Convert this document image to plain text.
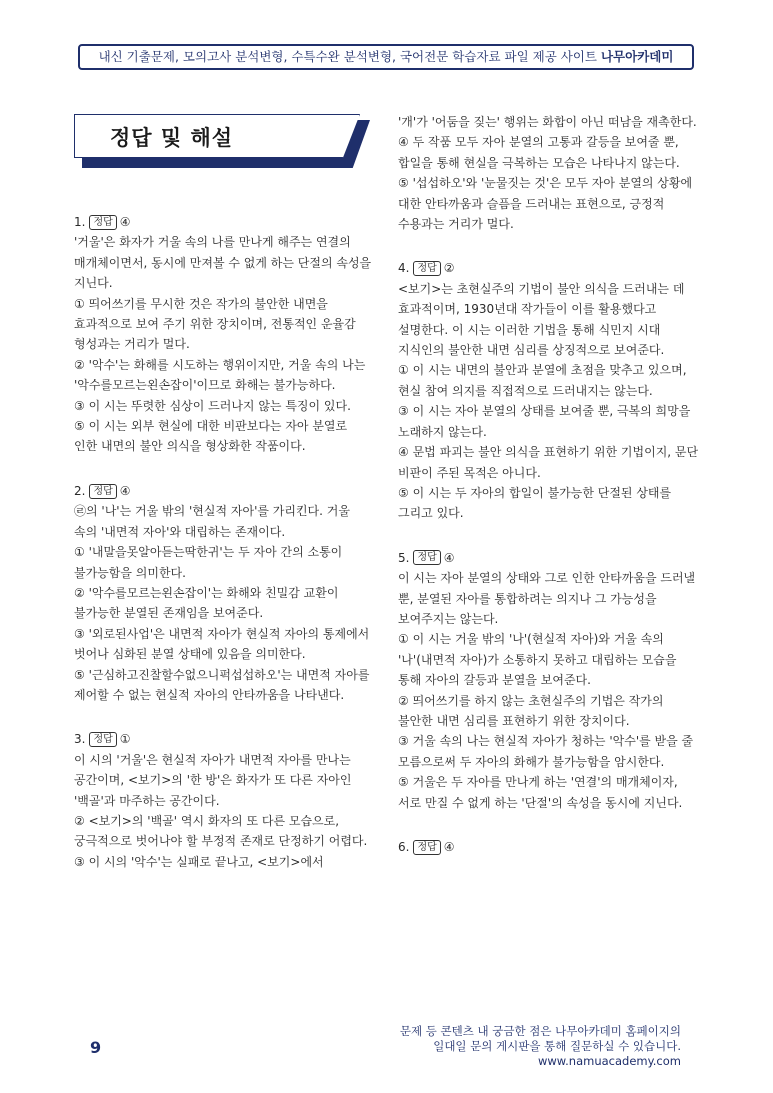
내신 기출문제, 모의고사 분석변형, 수특수완 분석변형, 국어전문 학습자료 파일 제공 사이트 나무아카데미
정답 및 해설
1. 정답 ④

'거울'은 화자가 거울 속의 나를 만나게 해주는 연결의 매개체이면서, 동시에 만져볼 수 없게 하는 단절의 속성을 지닌다.

① 띄어쓰기를 무시한 것은 작가의 불안한 내면을 효과적으로 보여 주기 위한 장치이며, 전통적인 운율감 형성과는 거리가 멀다.

② '악수'는 화해를 시도하는 행위이지만, 거울 속의 나는 '악수를모르는왼손잡이'이므로 화해는 불가능하다.

③ 이 시는 뚜렷한 심상이 드러나지 않는 특징이 있다.

⑤ 이 시는 외부 현실에 대한 비판보다는 자아 분열로 인한 내면의 불안 의식을 형상화한 작품이다.

2. 정답 ④

㉣의 '나'는 거울 밖의 '현실적 자아'를 가리킨다. 거울 속의 '내면적 자아'와 대립하는 존재이다.

① '내말을못알아듣는딱한귀'는 두 자아 간의 소통이 불가능함을 의미한다.

② '악수를모르는왼손잡이'는 화해와 친밀감 교환이 불가능한 분열된 존재임을 보여준다.

③ '외로된사업'은 내면적 자아가 현실적 자아의 통제에서 벗어나 심화된 분열 상태에 있음을 의미한다.

⑤ '근심하고진찰할수없으니퍽섭섭하오'는 내면적 자아를 제어할 수 없는 현실적 자아의 안타까움을 나타낸다.

3. 정답 ①

이 시의 '거울'은 현실적 자아가 내면적 자아를 만나는 공간이며, <보기>의 '한 방'은 화자가 또 다른 자아인 '백골'과 마주하는 공간이다.

② <보기>의 '백골' 역시 화자의 또 다른 모습으로, 궁극적으로 벗어나야 할 부정적 존재로 단정하기 어렵다.

③ 이 시의 '악수'는 실패로 끝나고, <보기>에서

'개'가 '어둠을 짖는' 행위는 화합이 아닌 떠남을 재촉한다.

④ 두 작품 모두 자아 분열의 고통과 갈등을 보여줄 뿐, 합일을 통해 현실을 극복하는 모습은 나타나지 않는다.

⑤ '섭섭하오'와 '눈물짓는 것'은 모두 자아 분열의 상황에 대한 안타까움과 슬픔을 드러내는 표현으로, 긍정적 수용과는 거리가 멀다.

4. 정답 ②

<보기>는 초현실주의 기법이 불안 의식을 드러내는 데 효과적이며, 1930년대 작가들이 이를 활용했다고 설명한다. 이 시는 이러한 기법을 통해 식민지 시대 지식인의 불안한 내면 심리를 상징적으로 보여준다.

① 이 시는 내면의 불안과 분열에 초점을 맞추고 있으며, 현실 참여 의지를 직접적으로 드러내지는 않는다.

③ 이 시는 자아 분열의 상태를 보여줄 뿐, 극복의 희망을 노래하지 않는다.

④ 문법 파괴는 불안 의식을 표현하기 위한 기법이지, 문단 비판이 주된 목적은 아니다.

⑤ 이 시는 두 자아의 합일이 불가능한 단절된 상태를 그리고 있다.

5. 정답 ④

이 시는 자아 분열의 상태와 그로 인한 안타까움을 드러낼 뿐, 분열된 자아를 통합하려는 의지나 그 가능성을 보여주지는 않는다.

① 이 시는 거울 밖의 '나'(현실적 자아)와 거울 속의 '나'(내면적 자아)가 소통하지 못하고 대립하는 모습을 통해 자아의 갈등과 분열을 보여준다.

② 띄어쓰기를 하지 않는 초현실주의 기법은 작가의 불안한 내면 심리를 표현하기 위한 장치이다.

③ 거울 속의 나는 현실적 자아가 청하는 '악수'를 받을 줄 모름으로써 두 자아의 화해가 불가능함을 암시한다.

⑤ 거울은 두 자아를 만나게 하는 '연결'의 매개체이자, 서로 만질 수 없게 하는 '단절'의 속성을 동시에 지닌다.

6. 정답 ④
9
문제 등 콘텐츠 내 궁금한 점은 나무아카데미 홈페이지의
일대일 문의 게시판을 통해 질문하실 수 있습니다.
www.namuacademy.com
